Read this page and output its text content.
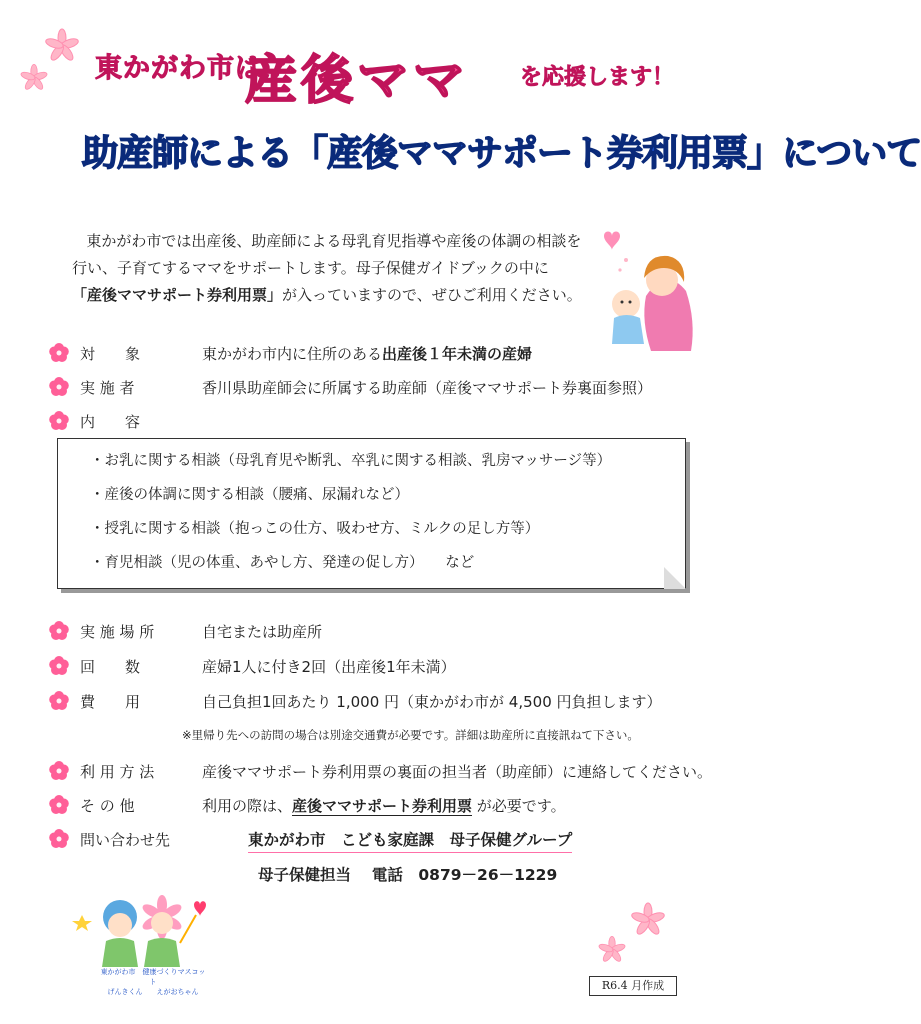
東かがわ市は
産後ママ を応援します！
助産師による「産後ママサポート券利用票」について
東かがわ市では出産後、助産師による母乳育児指導や産後の体調の相談を
行い、子育てするママをサポートします。母子保健ガイドブックの中に
「産後ママサポート券利用票」が入っていますので、ぜひご利用ください。
対　　象	東かがわ市内に住所のある出産後１年未満の産婦
実 施 者	香川県助産師会に所属する助産師（産後ママサポート券裏面参照）
内　　容
・お乳に関する相談（母乳育児や断乳、卒乳に関する相談、乳房マッサージ等）
・産後の体調に関する相談（腰痛、尿漏れなど）
・授乳に関する相談（抱っこの仕方、吸わせ方、ミルクの足し方等）
・育児相談（児の体重、あやし方、発達の促し方）　　など
実 施 場 所	自宅または助産所
回　　数	産婦1人に付き2回（出産後1年未満）
費　　用	自己負担1回あたり 1,000 円（東かがわ市が 4,500 円負担します）
※里帰り先への訪問の場合は別途交通費が必要です。詳細は助産所に直接訊ねて下さい。
利 用 方 法	産後ママサポート券利用票の裏面の担当者（助産師）に連絡してください。
そ の 他	利用の際は、産後ママサポート券利用票 が必要です。
問い合わせ先	東かがわ市　こども家庭課　母子保健グループ
母子保健担当　 電話　0879－26－1229
東かがわ市　健康づくりマスコット
げんきくん　　えがおちゃん	R6.4 月作成
